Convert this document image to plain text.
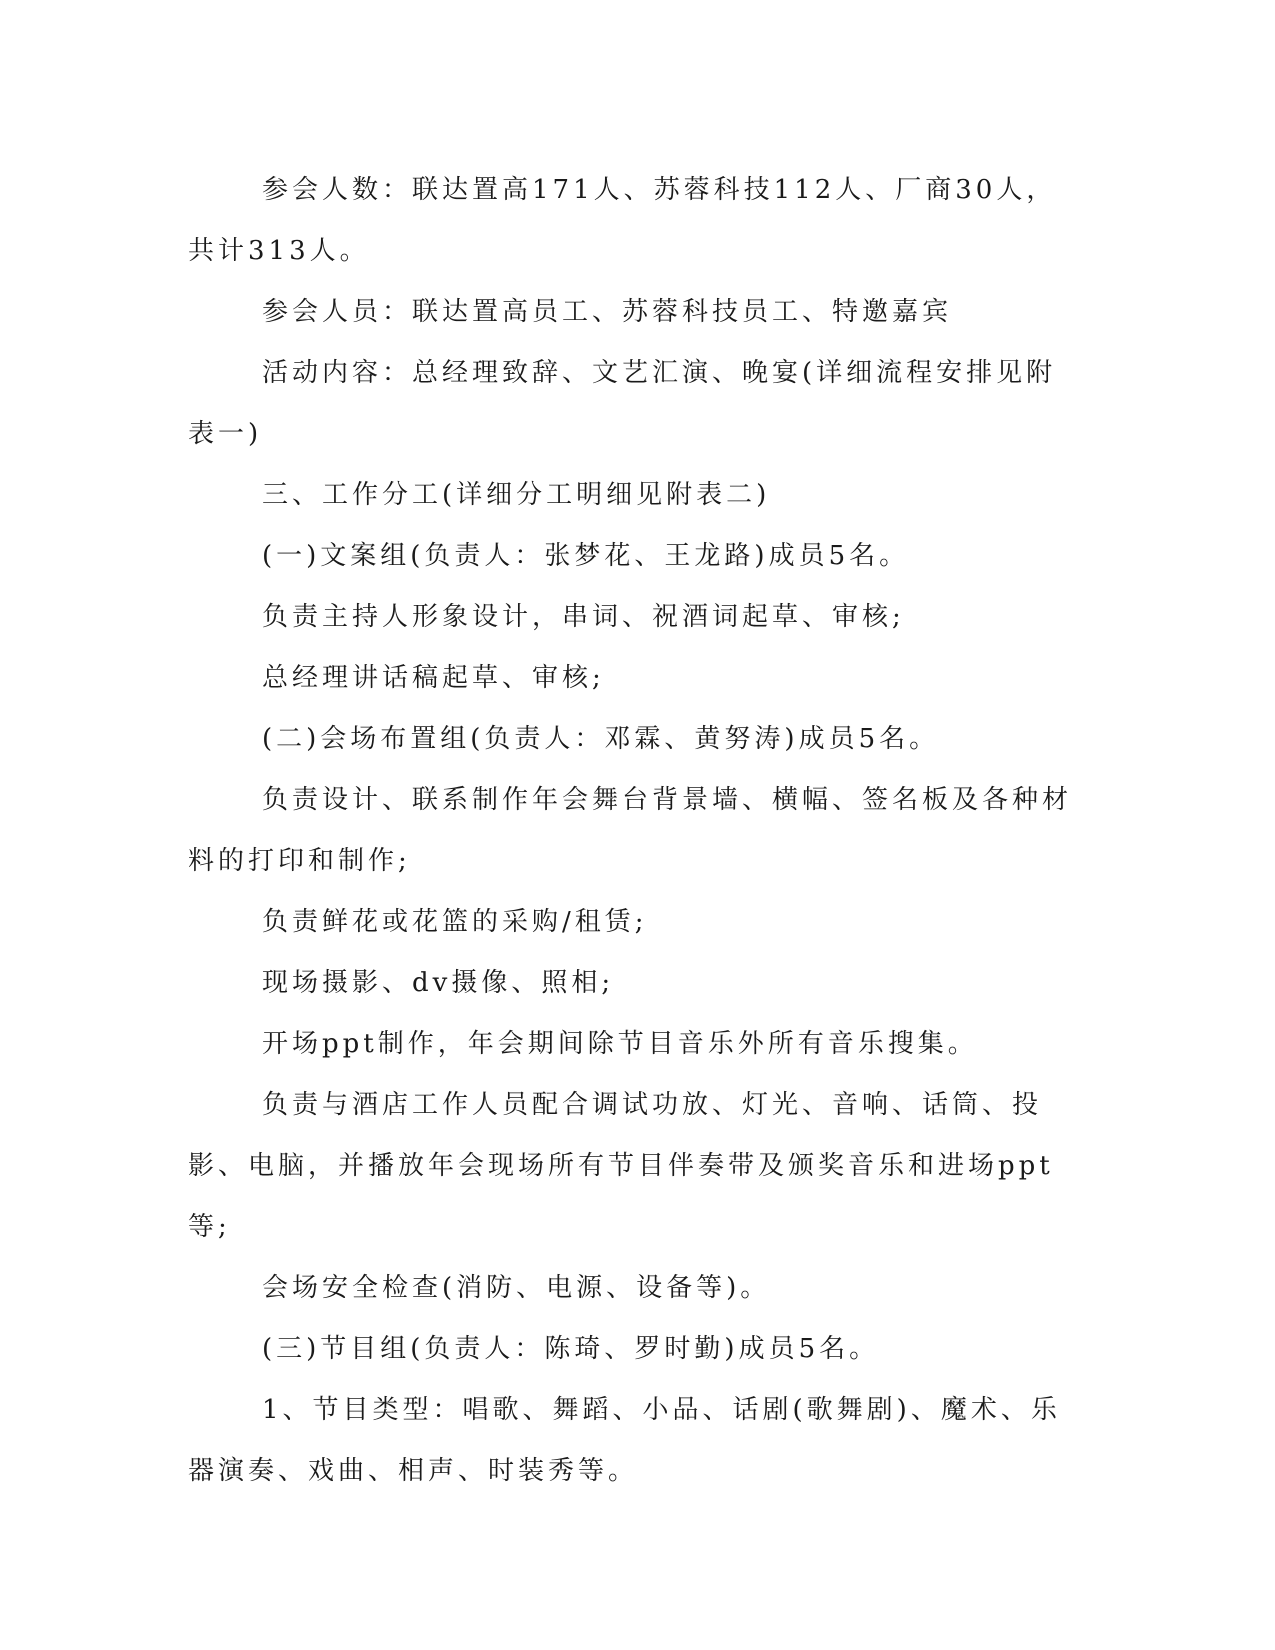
参会人数：联达置高171人、苏蓉科技112人、厂商30人，共计313人。

参会人员：联达置高员工、苏蓉科技员工、特邀嘉宾

活动内容：总经理致辞、文艺汇演、晚宴(详细流程安排见附表一)

三、工作分工(详细分工明细见附表二)

(一)文案组(负责人：张梦花、王龙路)成员5名。

负责主持人形象设计，串词、祝酒词起草、审核;

总经理讲话稿起草、审核;

(二)会场布置组(负责人：邓霖、黄努涛)成员5名。

负责设计、联系制作年会舞台背景墙、横幅、签名板及各种材料的打印和制作;

负责鲜花或花篮的采购/租赁;

现场摄影、dv摄像、照相;

开场ppt制作，年会期间除节目音乐外所有音乐搜集。

负责与酒店工作人员配合调试功放、灯光、音响、话筒、投影、电脑，并播放年会现场所有节目伴奏带及颁奖音乐和进场ppt等;

会场安全检查(消防、电源、设备等)。

(三)节目组(负责人：陈琦、罗时勤)成员5名。

1、节目类型：唱歌、舞蹈、小品、话剧(歌舞剧)、魔术、乐器演奏、戏曲、相声、时装秀等。
